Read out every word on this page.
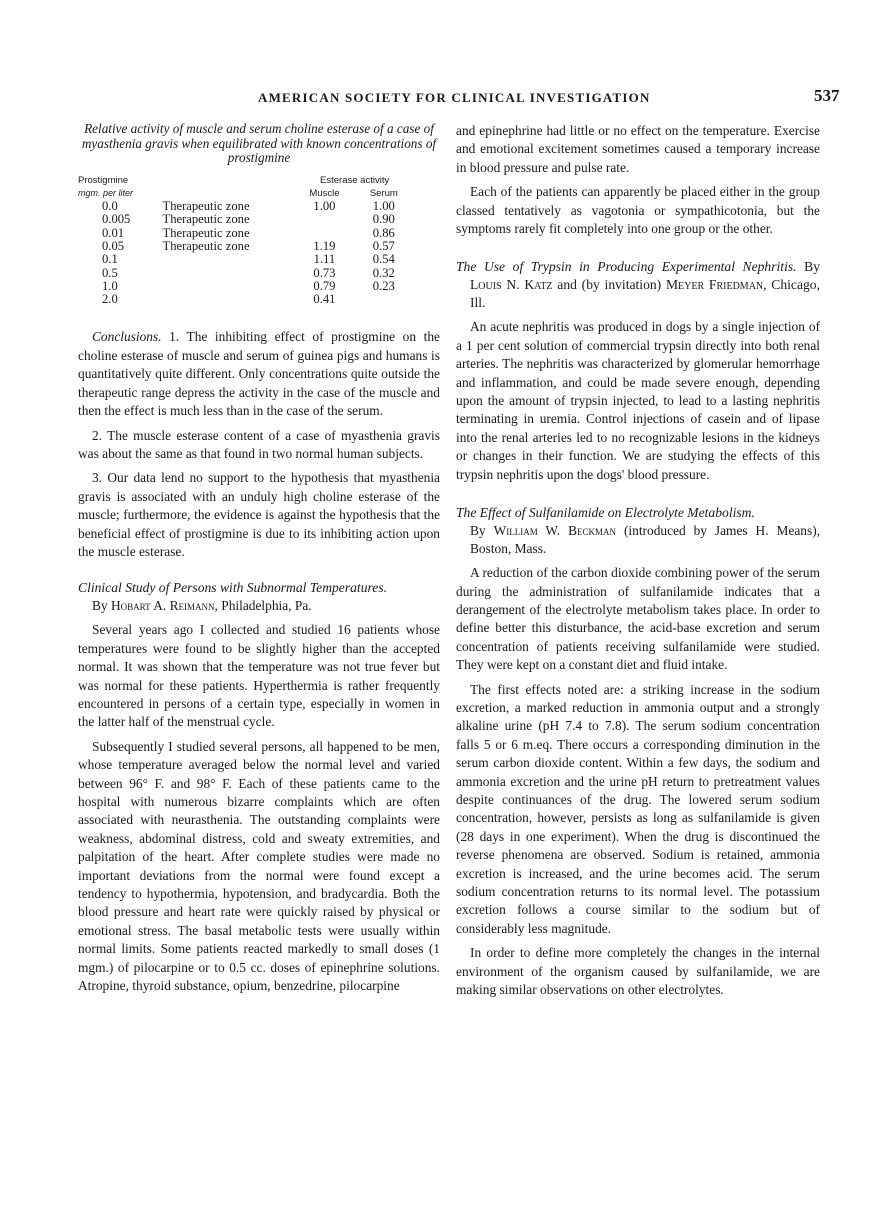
AMERICAN SOCIETY FOR CLINICAL INVESTIGATION	537

Relative activity of muscle and serum choline esterase of a case of myasthenia gravis when equilibrated with known concentrations of prostigmine

Prostigmine		Esterase activity	
mgm. per liter		Muscle	Serum
0.0	Therapeutic zone	1.00	1.00
0.005	Therapeutic zone		0.90
0.01	Therapeutic zone		0.86
0.05	Therapeutic zone	1.19	0.57
0.1		1.11	0.54
0.5		0.73	0.32
1.0		0.79	0.23
2.0		0.41	

Conclusions. 1. The inhibiting effect of prostigmine on the choline esterase of muscle and serum of guinea pigs and humans is quantitatively quite different. Only concentrations quite outside the therapeutic range depress the activity in the case of the muscle and then the effect is much less than in the case of the serum.

2. The muscle esterase content of a case of myasthenia gravis was about the same as that found in two normal human subjects.

3. Our data lend no support to the hypothesis that myasthenia gravis is associated with an unduly high choline esterase of the muscle; furthermore, the evidence is against the hypothesis that the beneficial effect of prostigmine is due to its inhibiting action upon the muscle esterase.

Clinical Study of Persons with Subnormal Temperatures.

By Hobart A. Reimann, Philadelphia, Pa.

Several years ago I collected and studied 16 patients whose temperatures were found to be slightly higher than the accepted normal. It was shown that the temperature was not true fever but was normal for these patients. Hyperthermia is rather frequently encountered in persons of a certain type, especially in women in the latter half of the menstrual cycle.

Subsequently I studied several persons, all happened to be men, whose temperature averaged below the normal level and varied between 96° F. and 98° F. Each of these patients came to the hospital with numerous bizarre complaints which are often associated with neurasthenia. The outstanding complaints were weakness, abdominal distress, cold and sweaty extremities, and palpitation of the heart. After complete studies were made no important deviations from the normal were found except a tendency to hypothermia, hypotension, and bradycardia. Both the blood pressure and heart rate were quickly raised by physical or emotional stress. The basal metabolic tests were usually within normal limits. Some patients reacted markedly to small doses (1 mgm.) of pilocarpine or to 0.5 cc. doses of epinephrine solutions. Atropine, thyroid substance, opium, benzedrine, pilocarpine

and epinephrine had little or no effect on the temperature. Exercise and emotional excitement sometimes caused a temporary increase in blood pressure and pulse rate.

Each of the patients can apparently be placed either in the group classed tentatively as vagotonia or sympathicotonia, but the symptoms rarely fit completely into one group or the other.

The Use of Trypsin in Producing Experimental Nephritis. By Louis N. Katz and (by invitation) Meyer Friedman, Chicago, Ill.

An acute nephritis was produced in dogs by a single injection of a 1 per cent solution of commercial trypsin directly into both renal arteries. The nephritis was characterized by glomerular hemorrhage and inflammation, and could be made severe enough, depending upon the amount of trypsin injected, to lead to a lasting nephritis terminating in uremia. Control injections of casein and of lipase into the renal arteries led to no recognizable lesions in the kidneys or changes in their function. We are studying the effects of this trypsin nephritis upon the dogs' blood pressure.

The Effect of Sulfanilamide on Electrolyte Metabolism.

By William W. Beckman (introduced by James H. Means), Boston, Mass.

A reduction of the carbon dioxide combining power of the serum during the administration of sulfanilamide indicates that a derangement of the electrolyte metabolism takes place. In order to define better this disturbance, the acid-base excretion and serum concentration of patients receiving sulfanilamide were studied. They were kept on a constant diet and fluid intake.

The first effects noted are: a striking increase in the sodium excretion, a marked reduction in ammonia output and a strongly alkaline urine (pH 7.4 to 7.8). The serum sodium concentration falls 5 or 6 m.eq. There occurs a corresponding diminution in the serum carbon dioxide content. Within a few days, the sodium and ammonia excretion and the urine pH return to pretreatment values despite continuances of the drug. The lowered serum sodium concentration, however, persists as long as sulfanilamide is given (28 days in one experiment). When the drug is discontinued the reverse phenomena are observed. Sodium is retained, ammonia excretion is increased, and the urine becomes acid. The serum sodium concentration returns to its normal level. The potassium excretion follows a course similar to the sodium but of considerably less magnitude.

In order to define more completely the changes in the internal environment of the organism caused by sulfanilamide, we are making similar observations on other electrolytes.
